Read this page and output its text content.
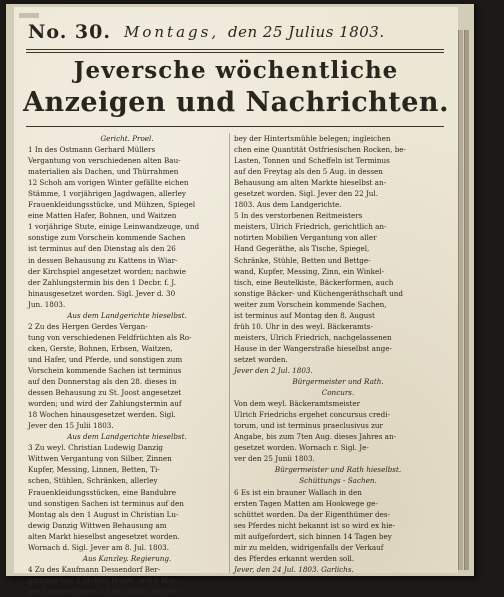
No. 30. Montags, den 25 Julius 1803.
Jeversche wöchentliche
Anzeigen und Nachrichten.
Gericht. Proel.
1 In des Ostmann Gerhard Müllers
Vergantung von verschiedenen alten Bau-
materialien als Dachen, und Thürrahmen
12 Schoh am vorigen Winter gefällte eichen
Stämme, 1 vorjährigen Jagdwagen, allerley
Frauenkleidungsstücke, und Mühzen, Spiegel
eine Matten Hafer, Bohnen, und Waitzen
1 vorjährige Stute, einige Leinwandzeuge, und
sonstige zum Vorschein kommende Sachen
ist terminus auf den Dienstag als den 26
in dessen Behausung zu Kattens in Wiar-
der Kirchspiel angesetzet worden; nachwie
der Zahlungstermin bis den 1 Decbr. f. J.
hinausgesetzet worden. Sigl. Jever d. 30
Jun. 1803.
Aus dem Landgerichte hieselbst.
2 Zu des Hergen Gerdes Vergan-
tung von verschiedenen Feldfrüchten als Ro-
cken, Gerste, Bohnen, Erbsen, Waitzen,
und Hafer, und Pferde, und sonstigen zum
Vorschein kommende Sachen ist terminus
auf den Donnerstag als den 28. dieses in
dessen Behausung zu St. Joost angesetzet
worden; und wird der Zahlungstermin auf
18 Wochen hinausgesetzet werden. Sigl.
Jever den 15 Julii 1803.
Aus dem Landgerichte hieselbst.
3 Zu weyl. Christian Ludewig Danzig
Wittwen Vergantung von Silber, Zinnen
Kupfer, Messing, Linnen, Betten, Ti-
schen, Stühlen, Schränken, allerley
Frauenkleidungsstücken, eine Bandubre
und sonstigen Sachen ist terminus auf den
Montag als den 1 August in Christian Lu-
dewig Danzig Wittwen Behausung am
alten Markt hieselbst angesetzet worden.
Wornach d. Sigl. Jever am 8. Jul. 1803.
Aus Kanzley. Regierung.
4 Zu des Kaufmann Dessendorf Ber-
gantung von 6 Matten Haber, und 5 Mat-
ten Sommergärste auf den Halm, beydes
bey der Hintertsmühle belegen; ingleichen
chen eine Quantität Ostfriesischen Rocken, be-
Lasten, Tonnen und Scheffeln ist Terminus
auf den Freytag als den 5 Aug. in dessen
Behausung am alten Markte hieselbst an-
gesetzet worden. Sigl. Jever den 22 Jul.
1803. Aus dem Landgerichte.
5 In des verstorbenen Reitmeisters
meisters, Ulrich Friedrich, gerichtlich an-
notirten Mobilien Vergantung von aller
Hand Gegeräthe, als Tische, Spiegel,
Schränke, Stühle, Betten und Bettge-
wand, Kupfer, Messing, Zinn, ein Winkel-
tisch, eine Beutelkiste, Bäckerformen, auch
sonstige Bäcker- und Küchengeräthschaft und
weiter zum Vorschein kommende Sachen,
ist terminus auf Montag den 8. August
früh 10. Uhr in des weyl. Bäckeramts-
meisters, Ulrich Friedrich, nachgelassenen
Hause in der Wangerstraße hieselbst ange-
setzet worden.
Jever den 2 Jul. 1803.
Bürgermeister und Rath.
Concurs.
Von dem weyl. Bäckeramtsmeister
Ulrich Friedrichs ergehet concursus credi-
torum, und ist terminus praeclusivus zur
Angabe, bis zum 7ten Aug. dieses Jahres an-
gesetzet worden. Wornach r. Sigl. Je-
ver den 25 Junii 1803.
Bürgermeister und Rath hieselbst.
Schüttungs - Sachen.
6 Es ist ein brauner Wallach in den
ersten Tagen Matten am Hookwege ge-
schüttet worden. Da der Eigenthümer des-
ses Pferdes nicht bekannt ist so wird ex hie-
mit aufgefordert, sich binnen 14 Tagen bey
mir zu melden, widrigenfalls der Verkauf
des Pferdes erkannt werden soll.
Jever, den 24 Jul. 1803. Garlichs.
